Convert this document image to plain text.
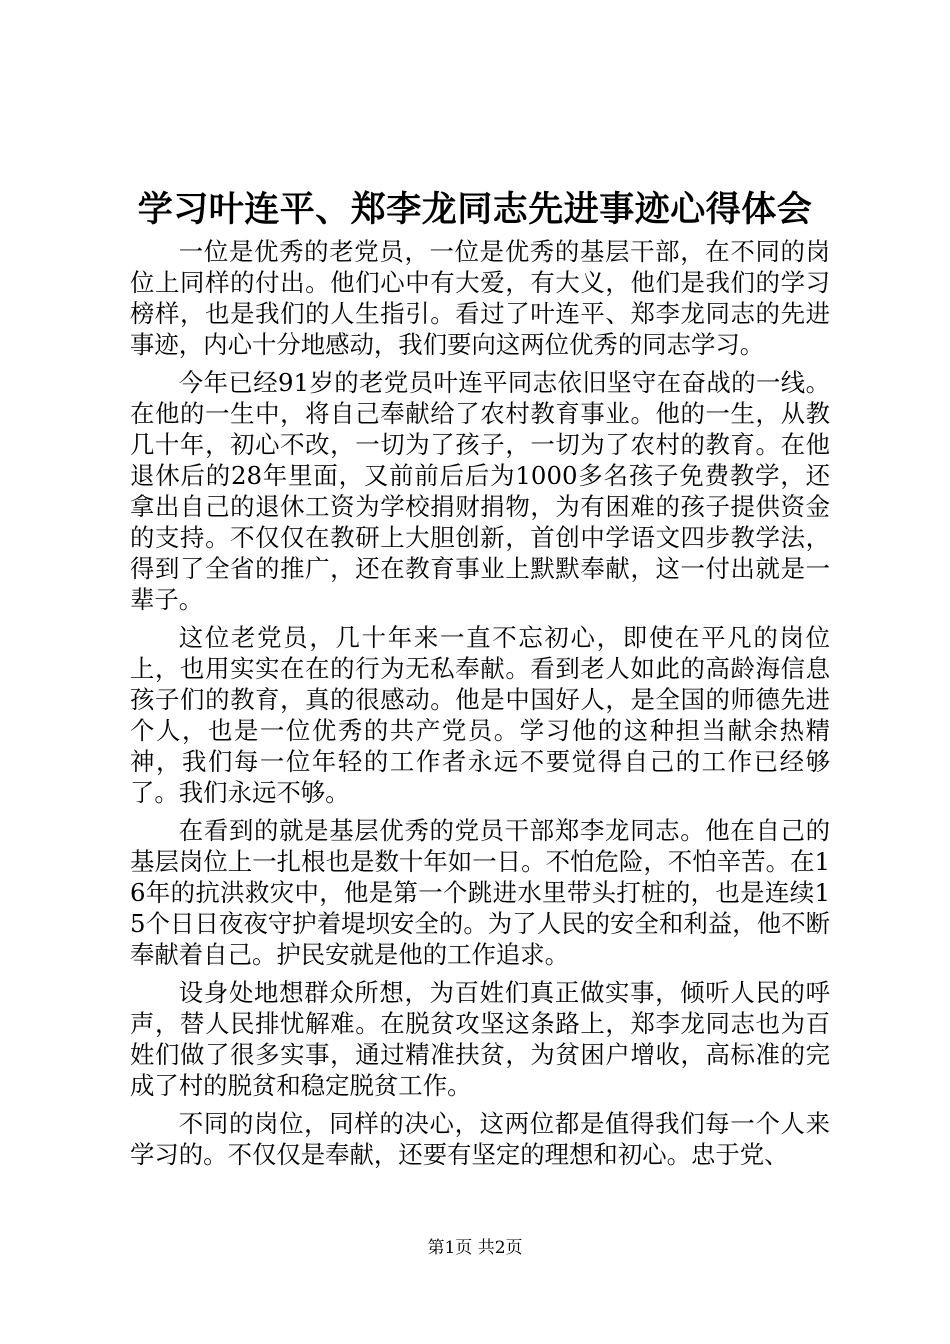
学习叶连平、郑李龙同志先进事迹心得体会

一位是优秀的老党员，一位是优秀的基层干部，在不同的岗位上同样的付出。他们心中有大爱，有大义，他们是我们的学习榜样，也是我们的人生指引。看过了叶连平、郑李龙同志的先进事迹，内心十分地感动，我们要向这两位优秀的同志学习。

今年已经91岁的老党员叶连平同志依旧坚守在奋战的一线。在他的一生中，将自己奉献给了农村教育事业。他的一生，从教几十年，初心不改，一切为了孩子，一切为了农村的教育。在他退休后的28年里面，又前前后后为1000多名孩子免费教学，还拿出自己的退休工资为学校捐财捐物，为有困难的孩子提供资金的支持。不仅仅在教研上大胆创新，首创中学语文四步教学法，得到了全省的推广，还在教育事业上默默奉献，这一付出就是一辈子。

这位老党员，几十年来一直不忘初心，即使在平凡的岗位上，也用实实在在的行为无私奉献。看到老人如此的高龄海信息孩子们的教育，真的很感动。他是中国好人，是全国的师德先进个人，也是一位优秀的共产党员。学习他的这种担当献余热精神，我们每一位年轻的工作者永远不要觉得自己的工作已经够了。我们永远不够。

在看到的就是基层优秀的党员干部郑李龙同志。他在自己的基层岗位上一扎根也是数十年如一日。不怕危险，不怕辛苦。在16年的抗洪救灾中，他是第一个跳进水里带头打桩的，也是连续15个日日夜夜守护着堤坝安全的。为了人民的安全和利益，他不断奉献着自己。护民安就是他的工作追求。

设身处地想群众所想，为百姓们真正做实事，倾听人民的呼声，替人民排忧解难。在脱贫攻坚这条路上，郑李龙同志也为百姓们做了很多实事，通过精准扶贫，为贫困户增收，高标准的完成了村的脱贫和稳定脱贫工作。

不同的岗位，同样的决心，这两位都是值得我们每一个人来学习的。不仅仅是奉献，还要有坚定的理想和初心。忠于党、

第1页 共2页
